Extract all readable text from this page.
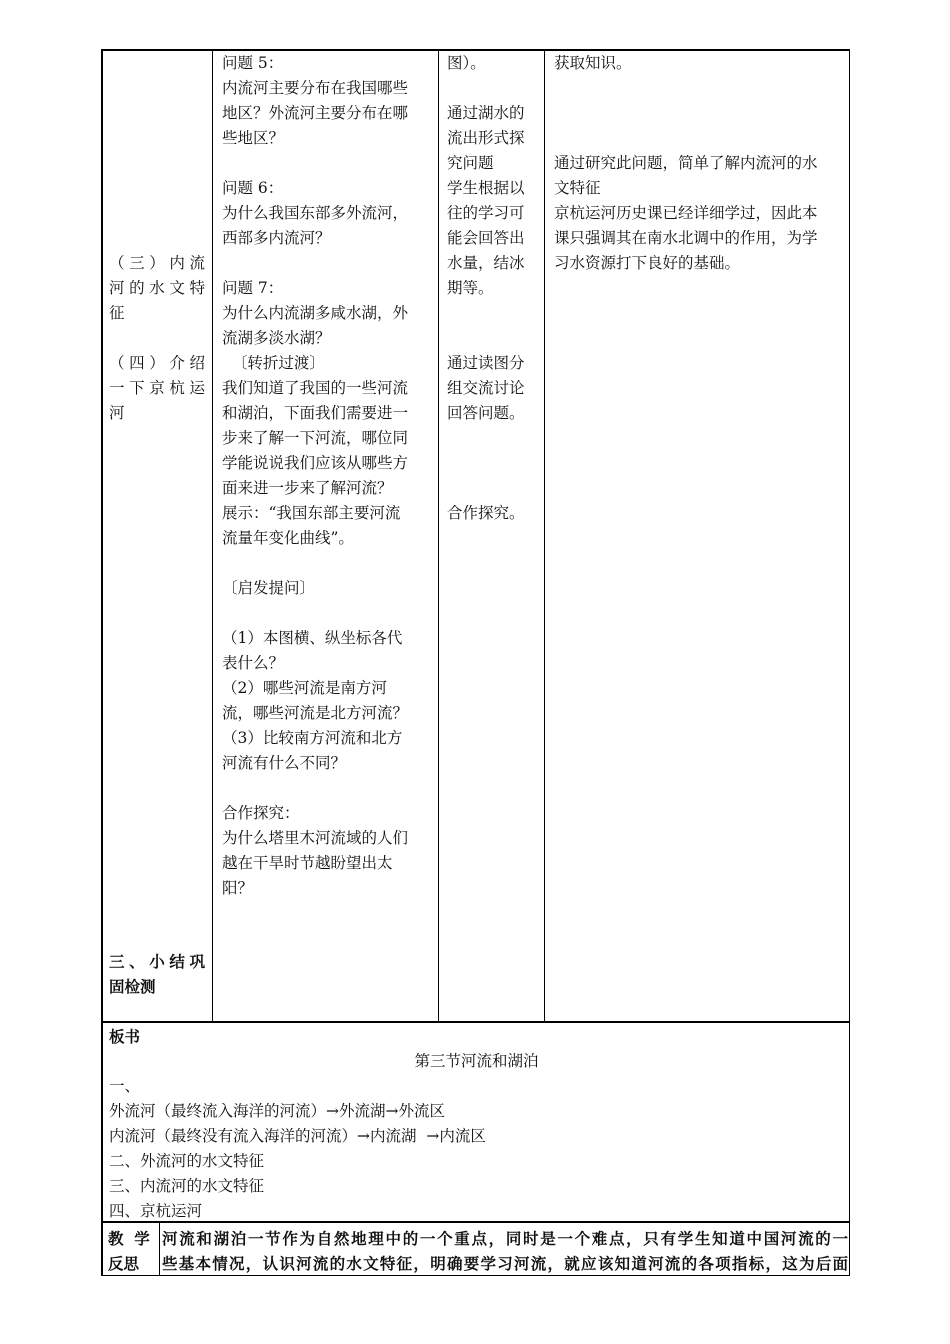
（三）内流

河的水文特

征

（四）介绍

一下京杭运

河

三、小结巩

固检测

问题 5：

内流河主要分布在我国哪些

地区？外流河主要分布在哪

些地区？

问题 6：

为什么我国东部多外流河，

西部多内流河？

问题 7：

为什么内流湖多咸水湖，外

流湖多淡水湖？

〔转折过渡〕

我们知道了我国的一些河流

和湖泊，下面我们需要进一

步来了解一下河流，哪位同

学能说说我们应该从哪些方

面来进一步来了解河流？

展示：“我国东部主要河流

流量年变化曲线”。

〔启发提问〕

（1）本图横、纵坐标各代

表什么？

（2）哪些河流是南方河

流，哪些河流是北方河流？

（3）比较南方河流和北方

河流有什么不同？

合作探究：

为什么塔里木河流域的人们

越在干旱时节越盼望出太

阳？

图）。

通过湖水的

流出形式探

究问题

学生根据以

往的学习可

能会回答出

水量，结冰

期等。

通过读图分

组交流讨论

回答问题。

合作探究。

获取知识。

通过研究此问题，简单了解内流河的水

文特征

京杭运河历史课已经详细学过，因此本

课只强调其在南水北调中的作用，为学

习水资源打下良好的基础。

板书

第三节河流和湖泊

一、

外流河（最终流入海洋的河流）→外流湖→外流区

内流河（最终没有流入海洋的河流）→内流湖  →内流区

二、外流河的水文特征

三、内流河的水文特征

四、京杭运河

教  学

反思

河流和湖泊一节作为自然地理中的一个重点，同时是一个难点，只有学生知道中国河流的一

些基本情况，认识河流的水文特征，明确要学习河流，就应该知道河流的各项指标，这为后面
